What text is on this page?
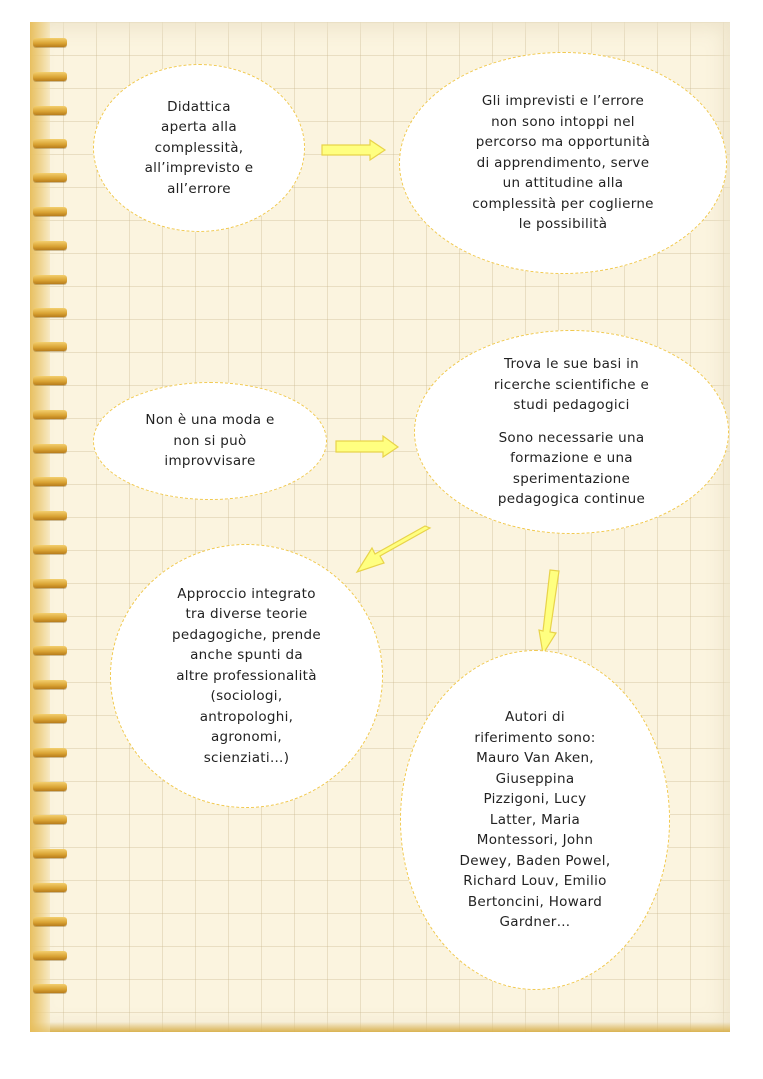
Didattica
aperta alla
complessità,
all’imprevisto e
all’errore
Gli imprevisti e l’errore
non sono intoppi nel
percorso ma opportunità
di apprendimento, serve
un attitudine alla
complessità per coglierne
le possibilità
Non è una moda e
non si può
improvvisare
Trova le sue basi in
ricerche scientifiche e
studi pedagogici
Sono necessarie una
formazione e una
sperimentazione
pedagogica continue
Approccio integrato
tra diverse teorie
pedagogiche, prende
anche spunti da
altre professionalità
(sociologi,
antropologhi,
agronomi,
scienziati…)
Autori di
riferimento sono:
Mauro Van Aken,
Giuseppina
Pizzigoni, Lucy
Latter, Maria
Montessori, John
Dewey, Baden Powel,
Richard Louv, Emilio
Bertoncini, Howard
Gardner…
